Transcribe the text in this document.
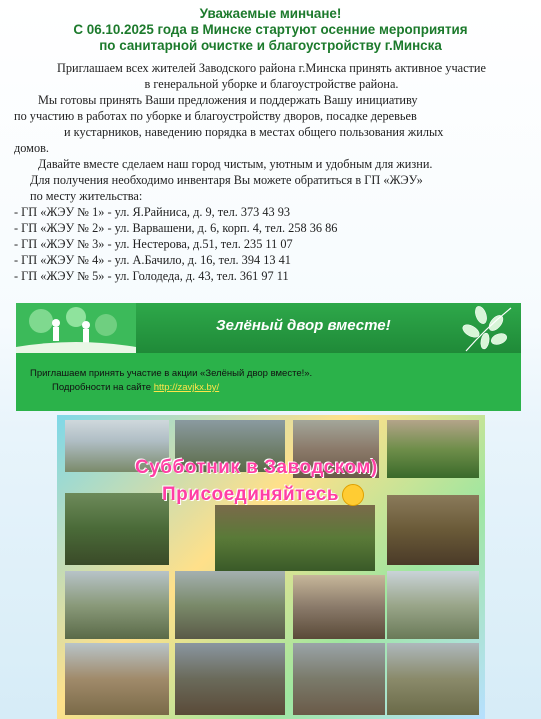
Уважаемые минчане!
С 06.10.2025 года в Минске стартуют осенние мероприятия
по санитарной очистке и благоустройству г.Минска
Приглашаем всех жителей Заводского района г.Минска принять активное участие
в генеральной уборке и благоустройстве района.
Мы готовы принять Ваши предложения и поддержать Вашу инициативу
по участию в работах по уборке и благоустройству дворов, посадке деревьев
и кустарников, наведению порядка в местах общего пользования жилых
домов.
Давайте вместе сделаем наш город чистым, уютным и удобным для жизни.
Для получения необходимо инвентаря Вы можете обратиться в ГП «ЖЭУ»
по месту жительства:
- ГП «ЖЭУ № 1» - ул. Я.Райниса, д. 9, тел. 373 43 93
- ГП «ЖЭУ № 2» - ул. Варвашени, д. 6, корп. 4, тел. 258 36 86
- ГП «ЖЭУ № 3» - ул. Нестерова, д.51, тел. 235 11 07
- ГП «ЖЭУ № 4» - ул. А.Бачило, д. 16, тел. 394 13 41
- ГП «ЖЭУ № 5» - ул. Голодеда, д. 43, тел. 361 97 11
Зелёный двор вместе!
Приглашаем принять участие в акции «Зелёный двор вместе!».
Подробности на сайте http://zavjkx.by/
Субботник в Заводском)
Присоединяйтесь
